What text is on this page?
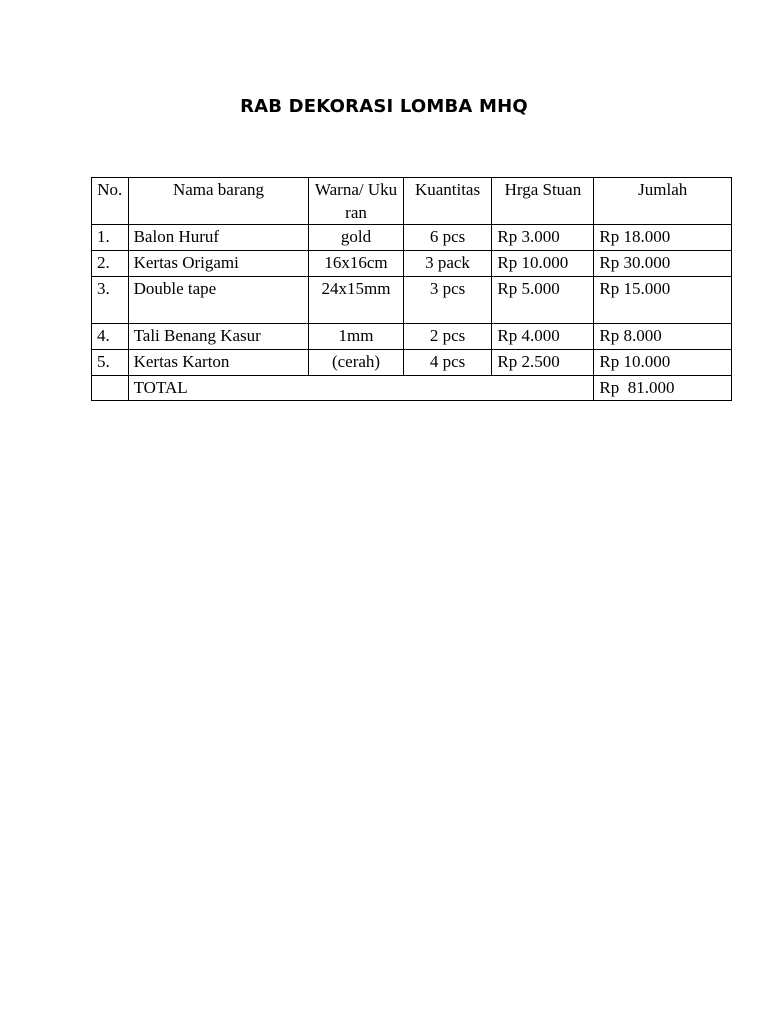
RAB DEKORASI LOMBA MHQ
No.	Nama barang	Warna/ Ukuran	Kuantitas	Hrga Stuan	Jumlah
1.	Balon Huruf	gold	6 pcs	Rp 3.000	Rp 18.000
2.	Kertas Origami	16x16cm	3 pack	Rp 10.000	Rp 30.000
3.	Double tape	24x15mm	3 pcs	Rp 5.000	Rp 15.000
4.	Tali Benang Kasur	1mm	2 pcs	Rp 4.000	Rp 8.000
5.	Kertas Karton	(cerah)	4 pcs	Rp 2.500	Rp 10.000
	TOTAL				Rp  81.000
